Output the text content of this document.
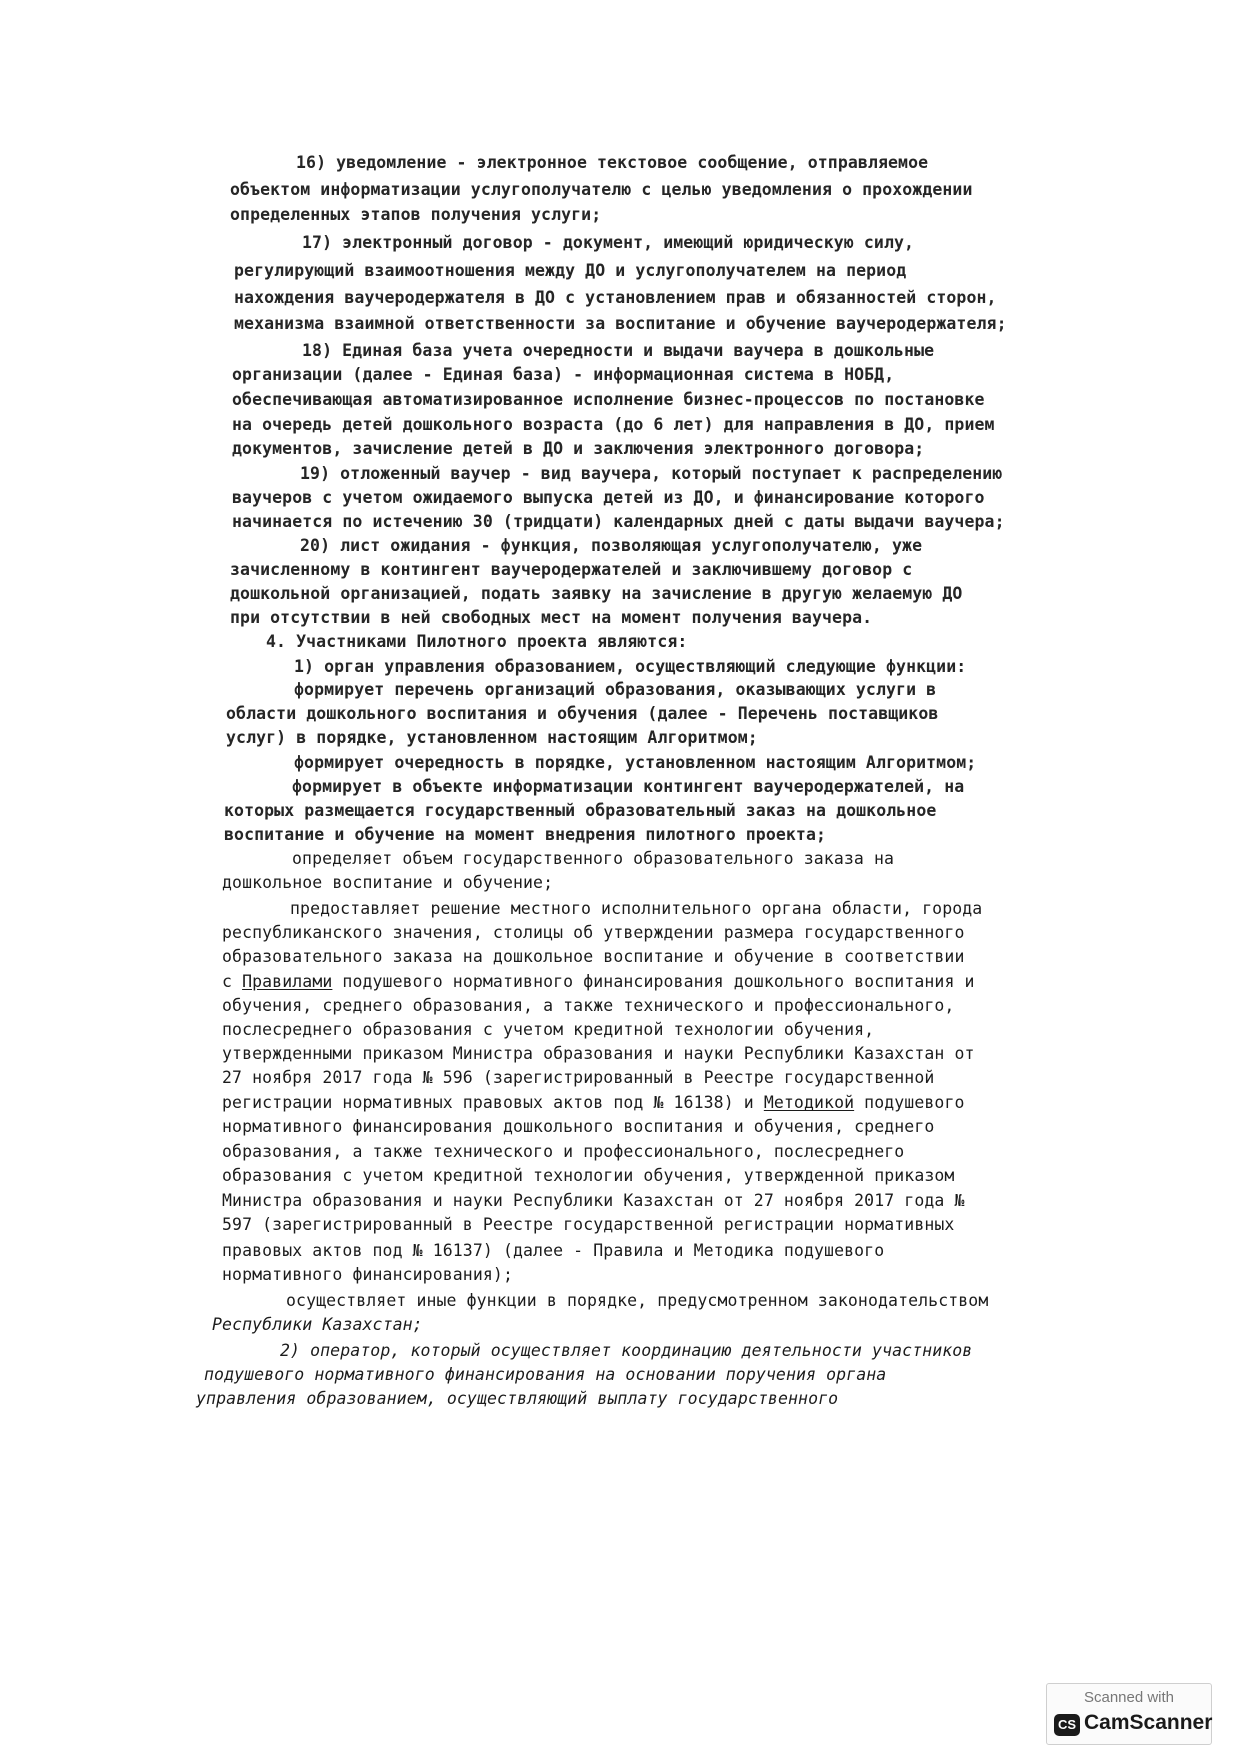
16) уведомление - электронное текстовое сообщение, отправляемое
объектом информатизации услугополучателю с целью уведомления о прохождении
определенных этапов получения услуги;
17) электронный договор - документ, имеющий юридическую силу,
регулирующий взаимоотношения между ДО и услугополучателем на период
нахождения ваучеродержателя в ДО с установлением прав и обязанностей сторон,
механизма взаимной ответственности за воспитание и обучение ваучеродержателя;
18) Единая база учета очередности и выдачи ваучера в дошкольные
организации (далее - Единая база) - информационная система в НОБД,
обеспечивающая автоматизированное исполнение бизнес-процессов по постановке
на очередь детей дошкольного возраста (до 6 лет) для направления в ДО, прием
документов, зачисление детей в ДО и заключения электронного договора;
19) отложенный ваучер - вид ваучера, который поступает к распределению
ваучеров с учетом ожидаемого выпуска детей из ДО, и финансирование которого
начинается по истечению 30 (тридцати) календарных дней с даты выдачи ваучера;
20) лист ожидания - функция, позволяющая услугополучателю, уже
зачисленному в контингент ваучеродержателей и заключившему договор с
дошкольной организацией, подать заявку на зачисление в другую желаемую ДО
при отсутствии в ней свободных мест на момент получения ваучера.
4. Участниками Пилотного проекта являются:
1) орган управления образованием, осуществляющий следующие функции:
формирует перечень организаций образования, оказывающих услуги в
области дошкольного воспитания и обучения (далее - Перечень поставщиков
услуг) в порядке, установленном настоящим Алгоритмом;
формирует очередность в порядке, установленном настоящим Алгоритмом;
формирует в объекте информатизации контингент ваучеродержателей, на
которых размещается государственный образовательный заказ на дошкольное
воспитание и обучение на момент внедрения пилотного проекта;
определяет объем государственного образовательного заказа на
дошкольное воспитание и обучение;
предоставляет решение местного исполнительного органа области, города
республиканского значения, столицы об утверждении размера государственного
образовательного заказа на дошкольное воспитание и обучение в соответствии
с Правилами подушевого нормативного финансирования дошкольного воспитания и
обучения, среднего образования, а также технического и профессионального,
послесреднего образования с учетом кредитной технологии обучения,
утвержденными приказом Министра образования и науки Республики Казахстан от
27 ноября 2017 года № 596 (зарегистрированный в Реестре государственной
регистрации нормативных правовых актов под № 16138) и Методикой подушевого
нормативного финансирования дошкольного воспитания и обучения, среднего
образования, а также технического и профессионального, послесреднего
образования с учетом кредитной технологии обучения, утвержденной приказом
Министра образования и науки Республики Казахстан от 27 ноября 2017 года №
597 (зарегистрированный в Реестре государственной регистрации нормативных
правовых актов под № 16137) (далее - Правила и Методика подушевого
нормативного финансирования);
осуществляет иные функции в порядке, предусмотренном законодательством
Республики Казахстан;
2) оператор, который осуществляет координацию деятельности участников
подушевого нормативного финансирования на основании поручения органа
управления образованием, осуществляющий выплату государственного
Scanned with
CS CamScanner
